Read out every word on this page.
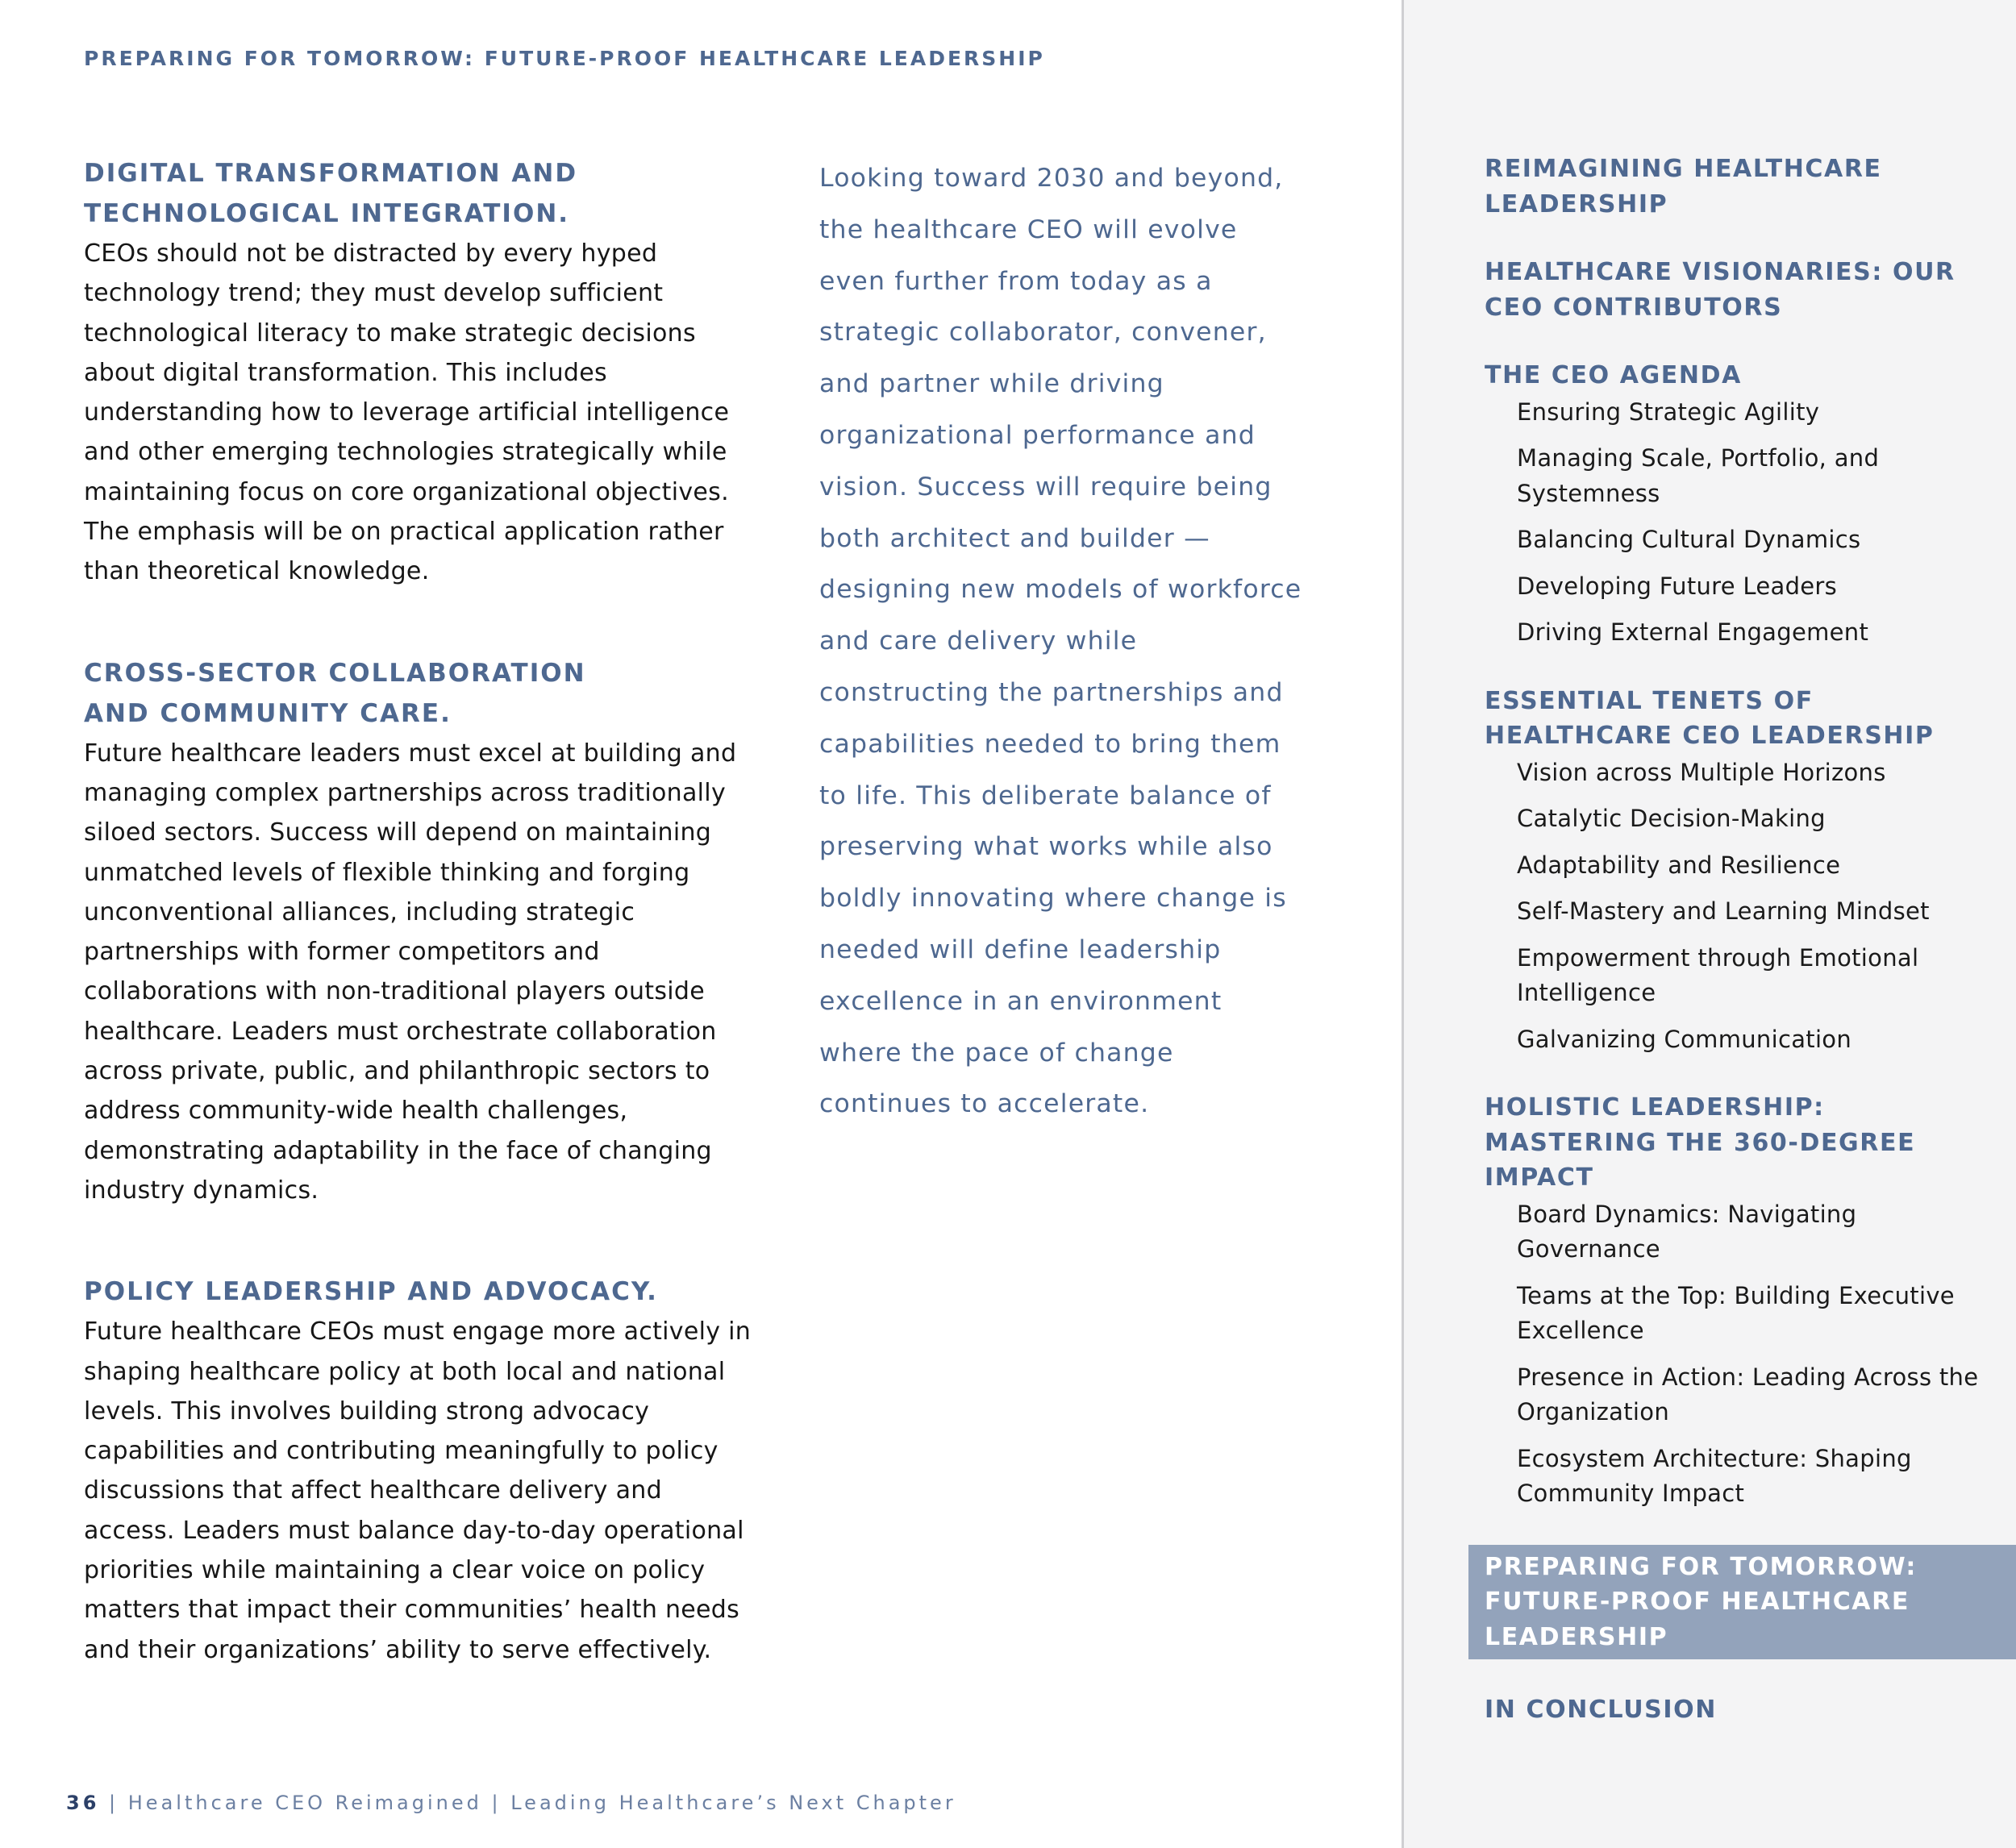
PREPARING FOR TOMORROW: FUTURE-PROOF HEALTHCARE LEADERSHIP
DIGITAL TRANSFORMATION AND
TECHNOLOGICAL INTEGRATION.

CEOs should not be distracted by every hyped technology trend; they must develop sufficient technological literacy to make strategic decisions about digital transformation. This includes understanding how to leverage artificial intelligence and other emerging technologies strategically while maintaining focus on core organizational objectives. The emphasis will be on practical application rather than theoretical knowledge.

CROSS-SECTOR COLLABORATION
AND COMMUNITY CARE.

Future healthcare leaders must excel at building and managing complex partnerships across traditionally siloed sectors. Success will depend on maintaining unmatched levels of flexible thinking and forging unconventional alliances, including strategic partnerships with former competitors and collaborations with non-traditional players outside healthcare. Leaders must orchestrate collaboration across private, public, and philanthropic sectors to address community-wide health challenges, demonstrating adaptability in the face of changing industry dynamics.

POLICY LEADERSHIP AND ADVOCACY.

Future healthcare CEOs must engage more actively in shaping healthcare policy at both local and national levels. This involves building strong advocacy capabilities and contributing meaningfully to policy discussions that affect healthcare delivery and access. Leaders must balance day-to-day operational priorities while maintaining a clear voice on policy matters that impact their communities’ health needs and their organizations’ ability to serve effectively.

Looking toward 2030 and beyond, the healthcare CEO will evolve even further from today as a strategic collaborator, convener, and partner while driving organizational performance and vision. Success will require being both architect and builder — designing new models of workforce and care delivery while constructing the partnerships and capabilities needed to bring them to life. This deliberate balance of preserving what works while also boldly innovating where change is needed will define leadership excellence in an environment where the pace of change continues to accelerate.

36 | Healthcare CEO Reimagined | Leading Healthcare’s Next Chapter
REIMAGINING HEALTHCARE LEADERSHIP
HEALTHCARE VISIONARIES: OUR CEO CONTRIBUTORS
THE CEO AGENDA
Ensuring Strategic Agility
Managing Scale, Portfolio, and Systemness
Balancing Cultural Dynamics
Developing Future Leaders
Driving External Engagement
ESSENTIAL TENETS OF HEALTHCARE CEO LEADERSHIP
Vision across Multiple Horizons
Catalytic Decision-Making
Adaptability and Resilience
Self-Mastery and Learning Mindset
Empowerment through Emotional Intelligence
Galvanizing Communication
HOLISTIC LEADERSHIP: MASTERING THE 360-DEGREE IMPACT
Board Dynamics: Navigating Governance
Teams at the Top: Building Executive Excellence
Presence in Action: Leading Across the Organization
Ecosystem Architecture: Shaping Community Impact
PREPARING FOR TOMORROW: FUTURE-PROOF HEALTHCARE LEADERSHIP
IN CONCLUSION
